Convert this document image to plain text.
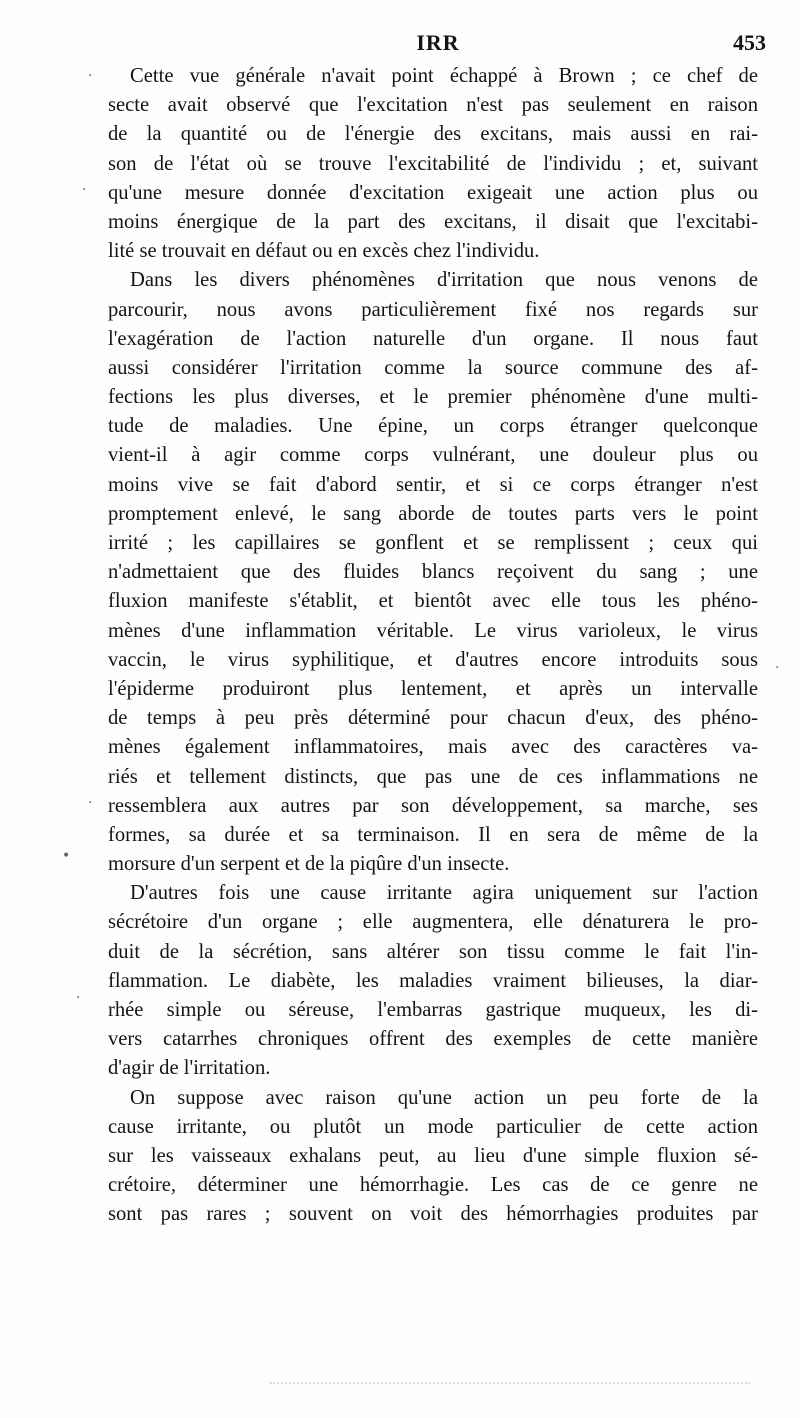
IRR	453
Cette vue générale n'avait point échappé à Brown ; ce chef de
secte avait observé que l'excitation n'est pas seulement en raison
de la quantité ou de l'énergie des excitans, mais aussi en rai-
son de l'état où se trouve l'excitabilité de l'individu ; et, suivant
qu'une mesure donnée d'excitation exigeait une action plus ou
moins énergique de la part des excitans, il disait que l'excitabi-
lité se trouvait en défaut ou en excès chez l'individu.
Dans les divers phénomènes d'irritation que nous venons de
parcourir, nous avons particulièrement fixé nos regards sur
l'exagération de l'action naturelle d'un organe. Il nous faut
aussi considérer l'irritation comme la source commune des af-
fections les plus diverses, et le premier phénomène d'une multi-
tude de maladies. Une épine, un corps étranger quelconque
vient-il à agir comme corps vulnérant, une douleur plus ou
moins vive se fait d'abord sentir, et si ce corps étranger n'est
promptement enlevé, le sang aborde de toutes parts vers le point
irrité ; les capillaires se gonflent et se remplissent ; ceux qui
n'admettaient que des fluides blancs reçoivent du sang ; une
fluxion manifeste s'établit, et bientôt avec elle tous les phéno-
mènes d'une inflammation véritable. Le virus varioleux, le virus
vaccin, le virus syphilitique, et d'autres encore introduits sous
l'épiderme produiront plus lentement, et après un intervalle
de temps à peu près déterminé pour chacun d'eux, des phéno-
mènes également inflammatoires, mais avec des caractères va-
riés et tellement distincts, que pas une de ces inflammations ne
ressemblera aux autres par son développement, sa marche, ses
formes, sa durée et sa terminaison. Il en sera de même de la
morsure d'un serpent et de la piqûre d'un insecte.
D'autres fois une cause irritante agira uniquement sur l'action
sécrétoire d'un organe ; elle augmentera, elle dénaturera le pro-
duit de la sécrétion, sans altérer son tissu comme le fait l'in-
flammation. Le diabète, les maladies vraiment bilieuses, la diar-
rhée simple ou séreuse, l'embarras gastrique muqueux, les di-
vers catarrhes chroniques offrent des exemples de cette manière
d'agir de l'irritation.
On suppose avec raison qu'une action un peu forte de la
cause irritante, ou plutôt un mode particulier de cette action
sur les vaisseaux exhalans peut, au lieu d'une simple fluxion sé-
crétoire, déterminer une hémorrhagie. Les cas de ce genre ne
sont pas rares ; souvent on voit des hémorrhagies produites par
·
·
·
•
·
·
